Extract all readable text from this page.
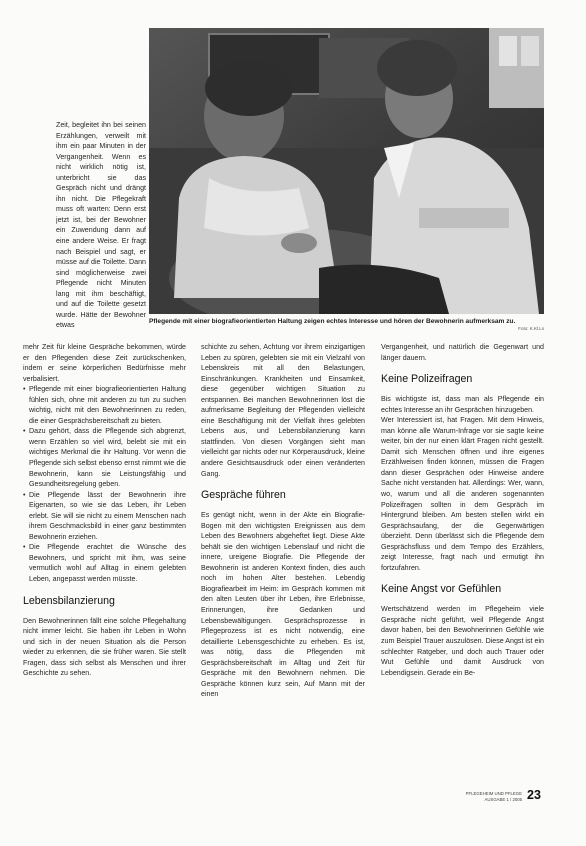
Pflegende mit einer biografieorientierten Haltung zeigen echtes Interesse und hören der Bewohnerin aufmerksam zu.
Foto: K.Kl.Ls

Zeit, begleitet ihn bei seinen Erzählungen, verweilt mit ihm ein paar Minuten in der Vergangenheit. Wenn es nicht wirklich nötig ist, unterbricht sie das Gespräch nicht und drängt ihn nicht. Die Pflegekraft muss oft warten: Denn erst jetzt ist, bei der Bewohner ein Zuwendung dann auf eine andere Weise. Er fragt nach Beispiel und sagt, er müsse auf die Toilette. Dann sind möglicherweise zwei Pflegende nicht Minuten lang mit ihm beschäftigt, und auf die Toilette gesetzt wurde. Hätte der Bewohner etwas

mehr Zeit für kleine Gespräche bekommen, würde er den Pflegenden diese Zeit zurückschenken, indem er seine körperlichen Bedürfnisse mehr verbalisiert.

• Pflegende mit einer biografieorientierten Haltung fühlen sich, ohne mit anderen zu tun zu suchen wichtig, nicht mit den Bewohnerinnen zu reden, die einer Gesprächsbereitschaft zu bieten.
• Dazu gehört, dass die Pflegende sich abgrenzt, wenn Erzählen so viel wird, belebt sie mit ein wichtiges Merkmal die ihr Haltung. Vor wenn die Pflegende sich selbst ebenso ernst nimmt wie die Bewohnerin, kann sie Leistungsfähig und Gesundheitsregelung geben.
• Die Pflegende lässt der Bewohnerin ihre Eigenarten, so wie sie das Leben, ihr Leben erlebt. Sie will sie nicht zu einem Menschen nach ihrem Geschmacksbild in einer ganz bestimmten Bewohnerin erziehen.
• Die Pflegende erachtet die Wünsche des Bewohners, und spricht mit ihm, was seine vermutlich wohl auf Alltag in einem gelebten Leben, angepasst werden müsste.
Lebensbilanzierung

Den Bewohnerinnen fällt eine solche Pflegehaltung nicht immer leicht. Sie haben ihr Leben in Wohn und sich in der neuen Situation als die Person wieder zu erkennen, die sie früher waren. Sie stellt Fragen, dass sich selbst als Menschen und ihrer Geschichte zu sehen.

schichte zu sehen, Achtung vor ihrem einzigartigen Leben zu spüren, gelebten sie mit ein Vielzahl von Lebenskreis mit all den Belastungen, Einschränkungen. Krankheiten und Einsamkeit, diese gegenüber wichtigen Situation zu entspannen. Bei manchen Bewohnerinnen löst die aufmerksame Begleitung der Pflegenden vielleicht eine Beschäftigung mit der Vielfalt ihres gelebten Lebens aus, und Lebensbilanzierung kann stattfinden. Von diesen Vorgängen sieht man vielleicht gar nichts oder nur Körperausdruck, kleine andere Gesichtsausdruck oder einen veränderten Gang.

Gespräche führen

Es genügt nicht, wenn in der Akte ein Biografie-Bogen mit den wichtigsten Ereignissen aus dem Leben des Bewohners abgeheftet liegt. Diese Akte behält sie den wichtigen Lebenslauf und nicht die innere, ureigene Biografie. Die Pflegende der Bewohnerin ist anderen Kontext finden, dies auch noch im hohen Alter bestehen. Lebendig Biografiearbeit im Heim: im Gespräch kommen mit den alten Leuten über ihr Leben, ihre Erlebnisse, Erinnerungen, ihre Gedanken und Lebensbewältigungen. Gesprächsprozesse in Pflegeprozess ist es nicht notwendig, eine detaillierte Lebensgeschichte zu erheben. Es ist, was nötig, dass die Pflegenden mit Gesprächsbereitschaft im Alltag und Zeit für Gespräche mit den Bewohnern nehmen. Die Gespräche können kurz sein, Auf Mann mit der einen

Vergangenheit, und natürlich die Gegenwart und länger dauern.

Keine Polizeifragen

Bis wichtigste ist, dass man als Pflegende ein echtes Interesse an ihr Gesprächen hinzugeben.
Wer Interessiert ist, hat Fragen. Mit dem Hinweis, man könne alle Warum-Infrage vor sie sagte keine weiter, bin der nur einen klärt Fragen nicht gestellt. Damit sich Menschen öffnen und ihre eigenes Erzählweisen finden können, müssen die Fragen dann dieser Gesprächen oder Hinweise andere Sache nicht verstanden hat. Allerdings: Wer, wann, wo, warum und all die anderen sogenannten Polizeifragen sollten in dem Gespräch im Hintergrund bleiben. Am besten stellen wirkt ein Gesprächsaufang, der die Gegenwärtigen überzieht. Denn überlässt sich die Pflegende dem Gesprächsfluss und dem Tempo des Erzählers, zeigt Interesse, fragt nach und ermutigt ihn fortzufahren.

Keine Angst vor Gefühlen

Wertschätzend werden im Pflegeheim viele Gespräche nicht geführt, weil Pflegende Angst davor haben, bei den Bewohnerinnen Gefühle wie zum Beispiel Trauer auszulösen. Diese Angst ist ein schlechter Ratgeber, und doch auch Trauer oder Wut Gefühle und damit Ausdruck von Lebendigsein. Gerade ein Be-

PFLEGEHEIM UND PFLEGE
AUSGABE 1 / 2005 23
